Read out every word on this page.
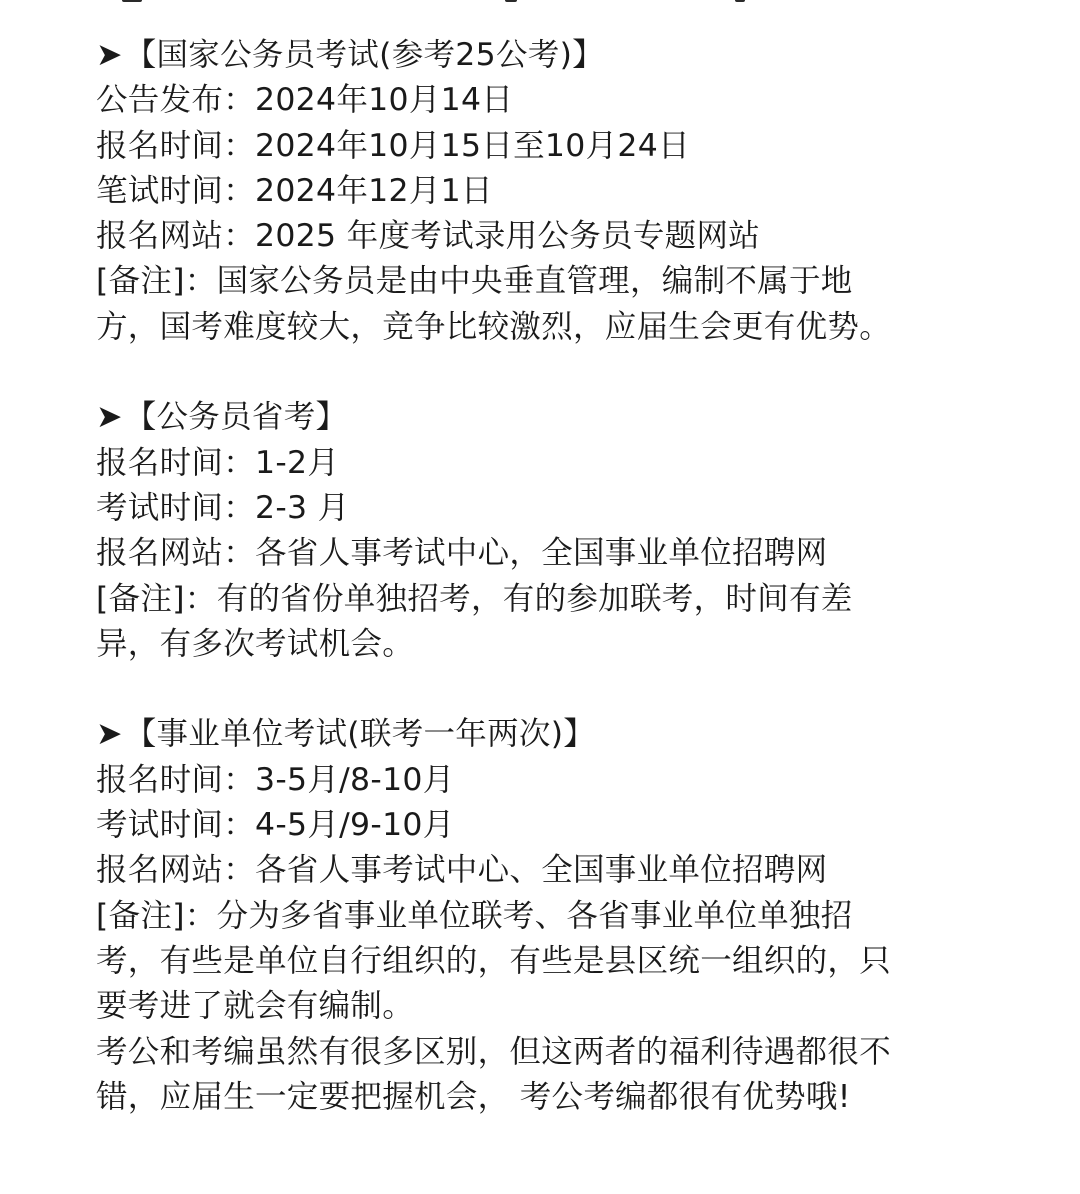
➤【国家公务员考试(参考25公考)】
公告发布：2024年10月14日
报名时间：2024年10月15日至10月24日
笔试时间：2024年12月1日
报名网站：2025 年度考试录用公务员专题网站
[备注]：国家公务员是由中央垂直管理，编制不属于地
方，国考难度较大，竞争比较激烈，应届生会更有优势。
➤【公务员省考】
报名时间：1-2月
考试时间：2-3 月
报名网站：各省人事考试中心，全国事业单位招聘网
[备注]：有的省份单独招考，有的参加联考，时间有差
异，有多次考试机会。
➤【事业单位考试(联考一年两次)】
报名时间：3-5月/8-10月
考试时间：4-5月/9-10月
报名网站：各省人事考试中心、全国事业单位招聘网
[备注]：分为多省事业单位联考、各省事业单位单独招
考，有些是单位自行组织的，有些是县区统一组织的，只
要考进了就会有编制。
考公和考编虽然有很多区别，但这两者的福利待遇都很不
错，应届生一定要把握机会， 考公考编都很有优势哦!
